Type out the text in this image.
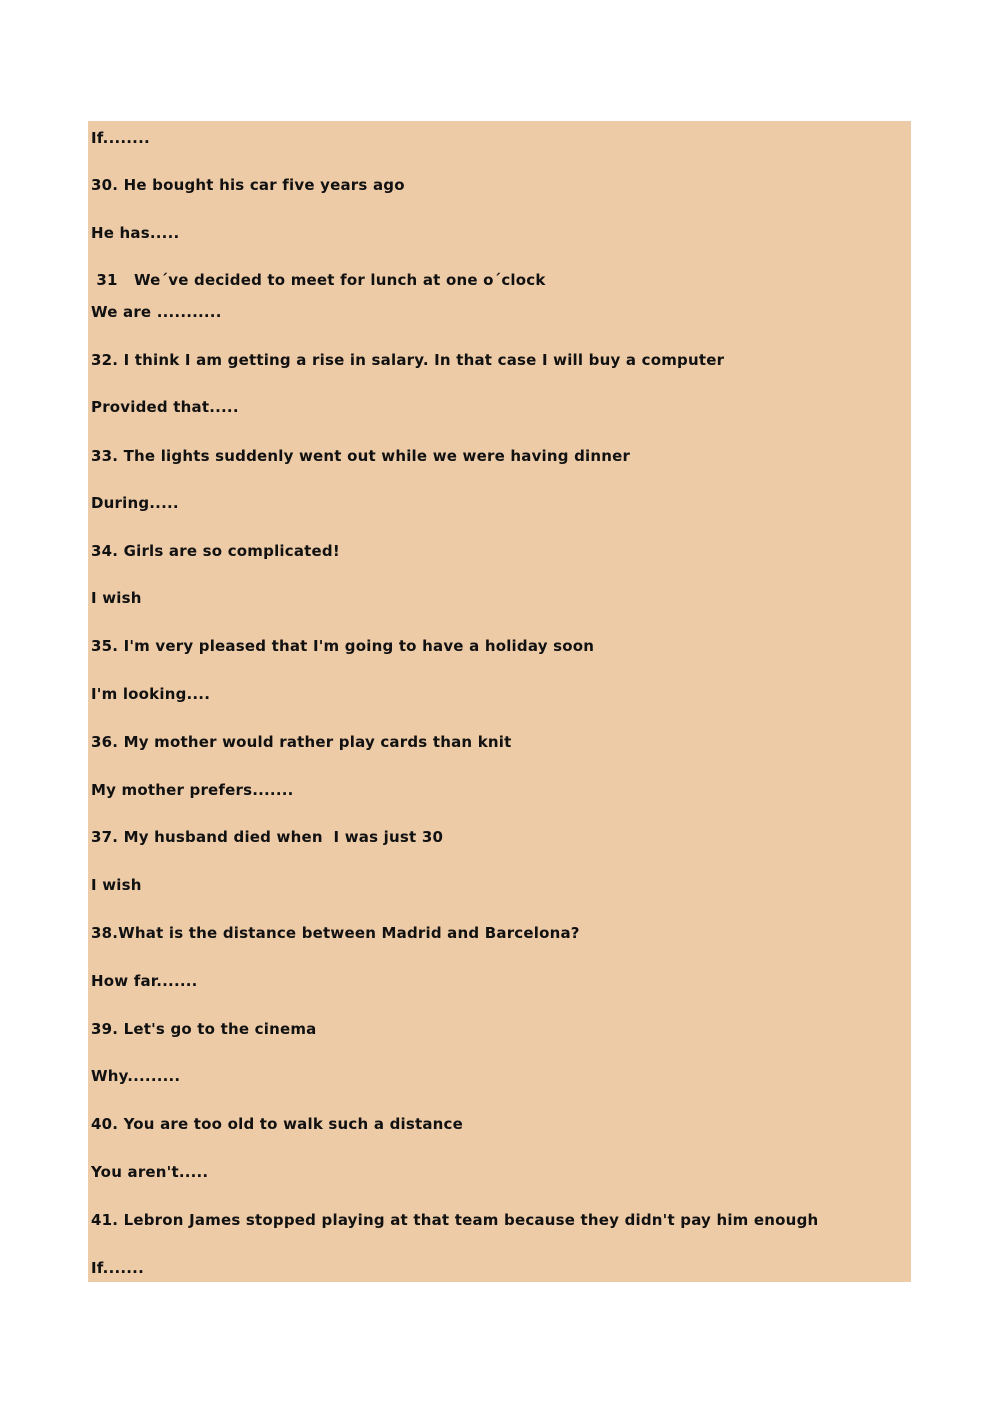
If........
30. He bought his car five years ago
He has.....
31   We´ve decided to meet for lunch at one o´clock
We are ...........
32. I think I am getting a rise in salary. In that case I will buy a computer
Provided that.....
33. The lights suddenly went out while we were having dinner
During.....
34. Girls are so complicated!
I wish
35. I'm very pleased that I'm going to have a holiday soon
I'm looking....
36. My mother would rather play cards than knit
My mother prefers.......
37. My husband died when  I was just 30
I wish
38.What is the distance between Madrid and Barcelona?
How far.......
39. Let's go to the cinema
Why.........
40. You are too old to walk such a distance
You aren't.....
41. Lebron James stopped playing at that team because they didn't pay him enough
If.......
